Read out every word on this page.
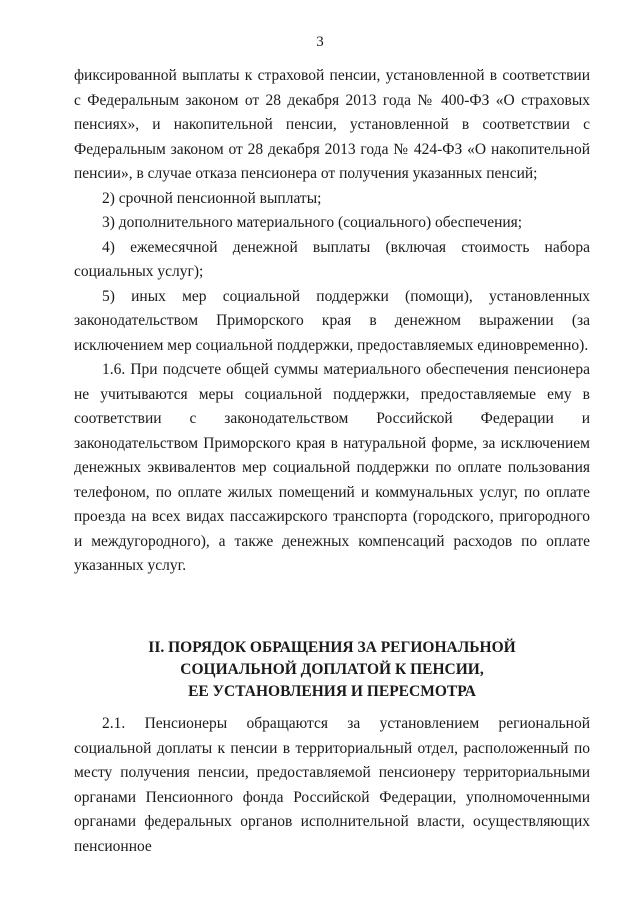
3

фиксированной выплаты к страховой пенсии, установленной в соответствии с Федеральным законом от 28 декабря 2013 года № 400-ФЗ «О страховых пенсиях», и накопительной пенсии, установленной в соответствии с Федеральным законом от 28 декабря 2013 года № 424-ФЗ «О накопительной пенсии», в случае отказа пенсионера от получения указанных пенсий;

2) срочной пенсионной выплаты;

3) дополнительного материального (социального) обеспечения;

4) ежемесячной денежной выплаты (включая стоимость набора социальных услуг);

5) иных мер социальной поддержки (помощи), установленных законодательством Приморского края в денежном выражении (за исключением мер социальной поддержки, предоставляемых единовременно).

1.6. При подсчете общей суммы материального обеспечения пенсионера не учитываются меры социальной поддержки, предоставляемые ему в соответствии с законодательством Российской Федерации и законодательством Приморского края в натуральной форме, за исключением денежных эквивалентов мер социальной поддержки по оплате пользования телефоном, по оплате жилых помещений и коммунальных услуг, по оплате проезда на всех видах пассажирского транспорта (городского, пригородного и междугородного), а также денежных компенсаций расходов по оплате указанных услуг.

II. ПОРЯДОК ОБРАЩЕНИЯ ЗА РЕГИОНАЛЬНОЙ
СОЦИАЛЬНОЙ ДОПЛАТОЙ К ПЕНСИИ,
ЕЕ УСТАНОВЛЕНИЯ И ПЕРЕСМОТРА

2.1. Пенсионеры обращаются за установлением региональной социальной доплаты к пенсии в территориальный отдел, расположенный по месту получения пенсии, предоставляемой пенсионеру территориальными органами Пенсионного фонда Российской Федерации, уполномоченными органами федеральных органов исполнительной власти, осуществляющих пенсионное
